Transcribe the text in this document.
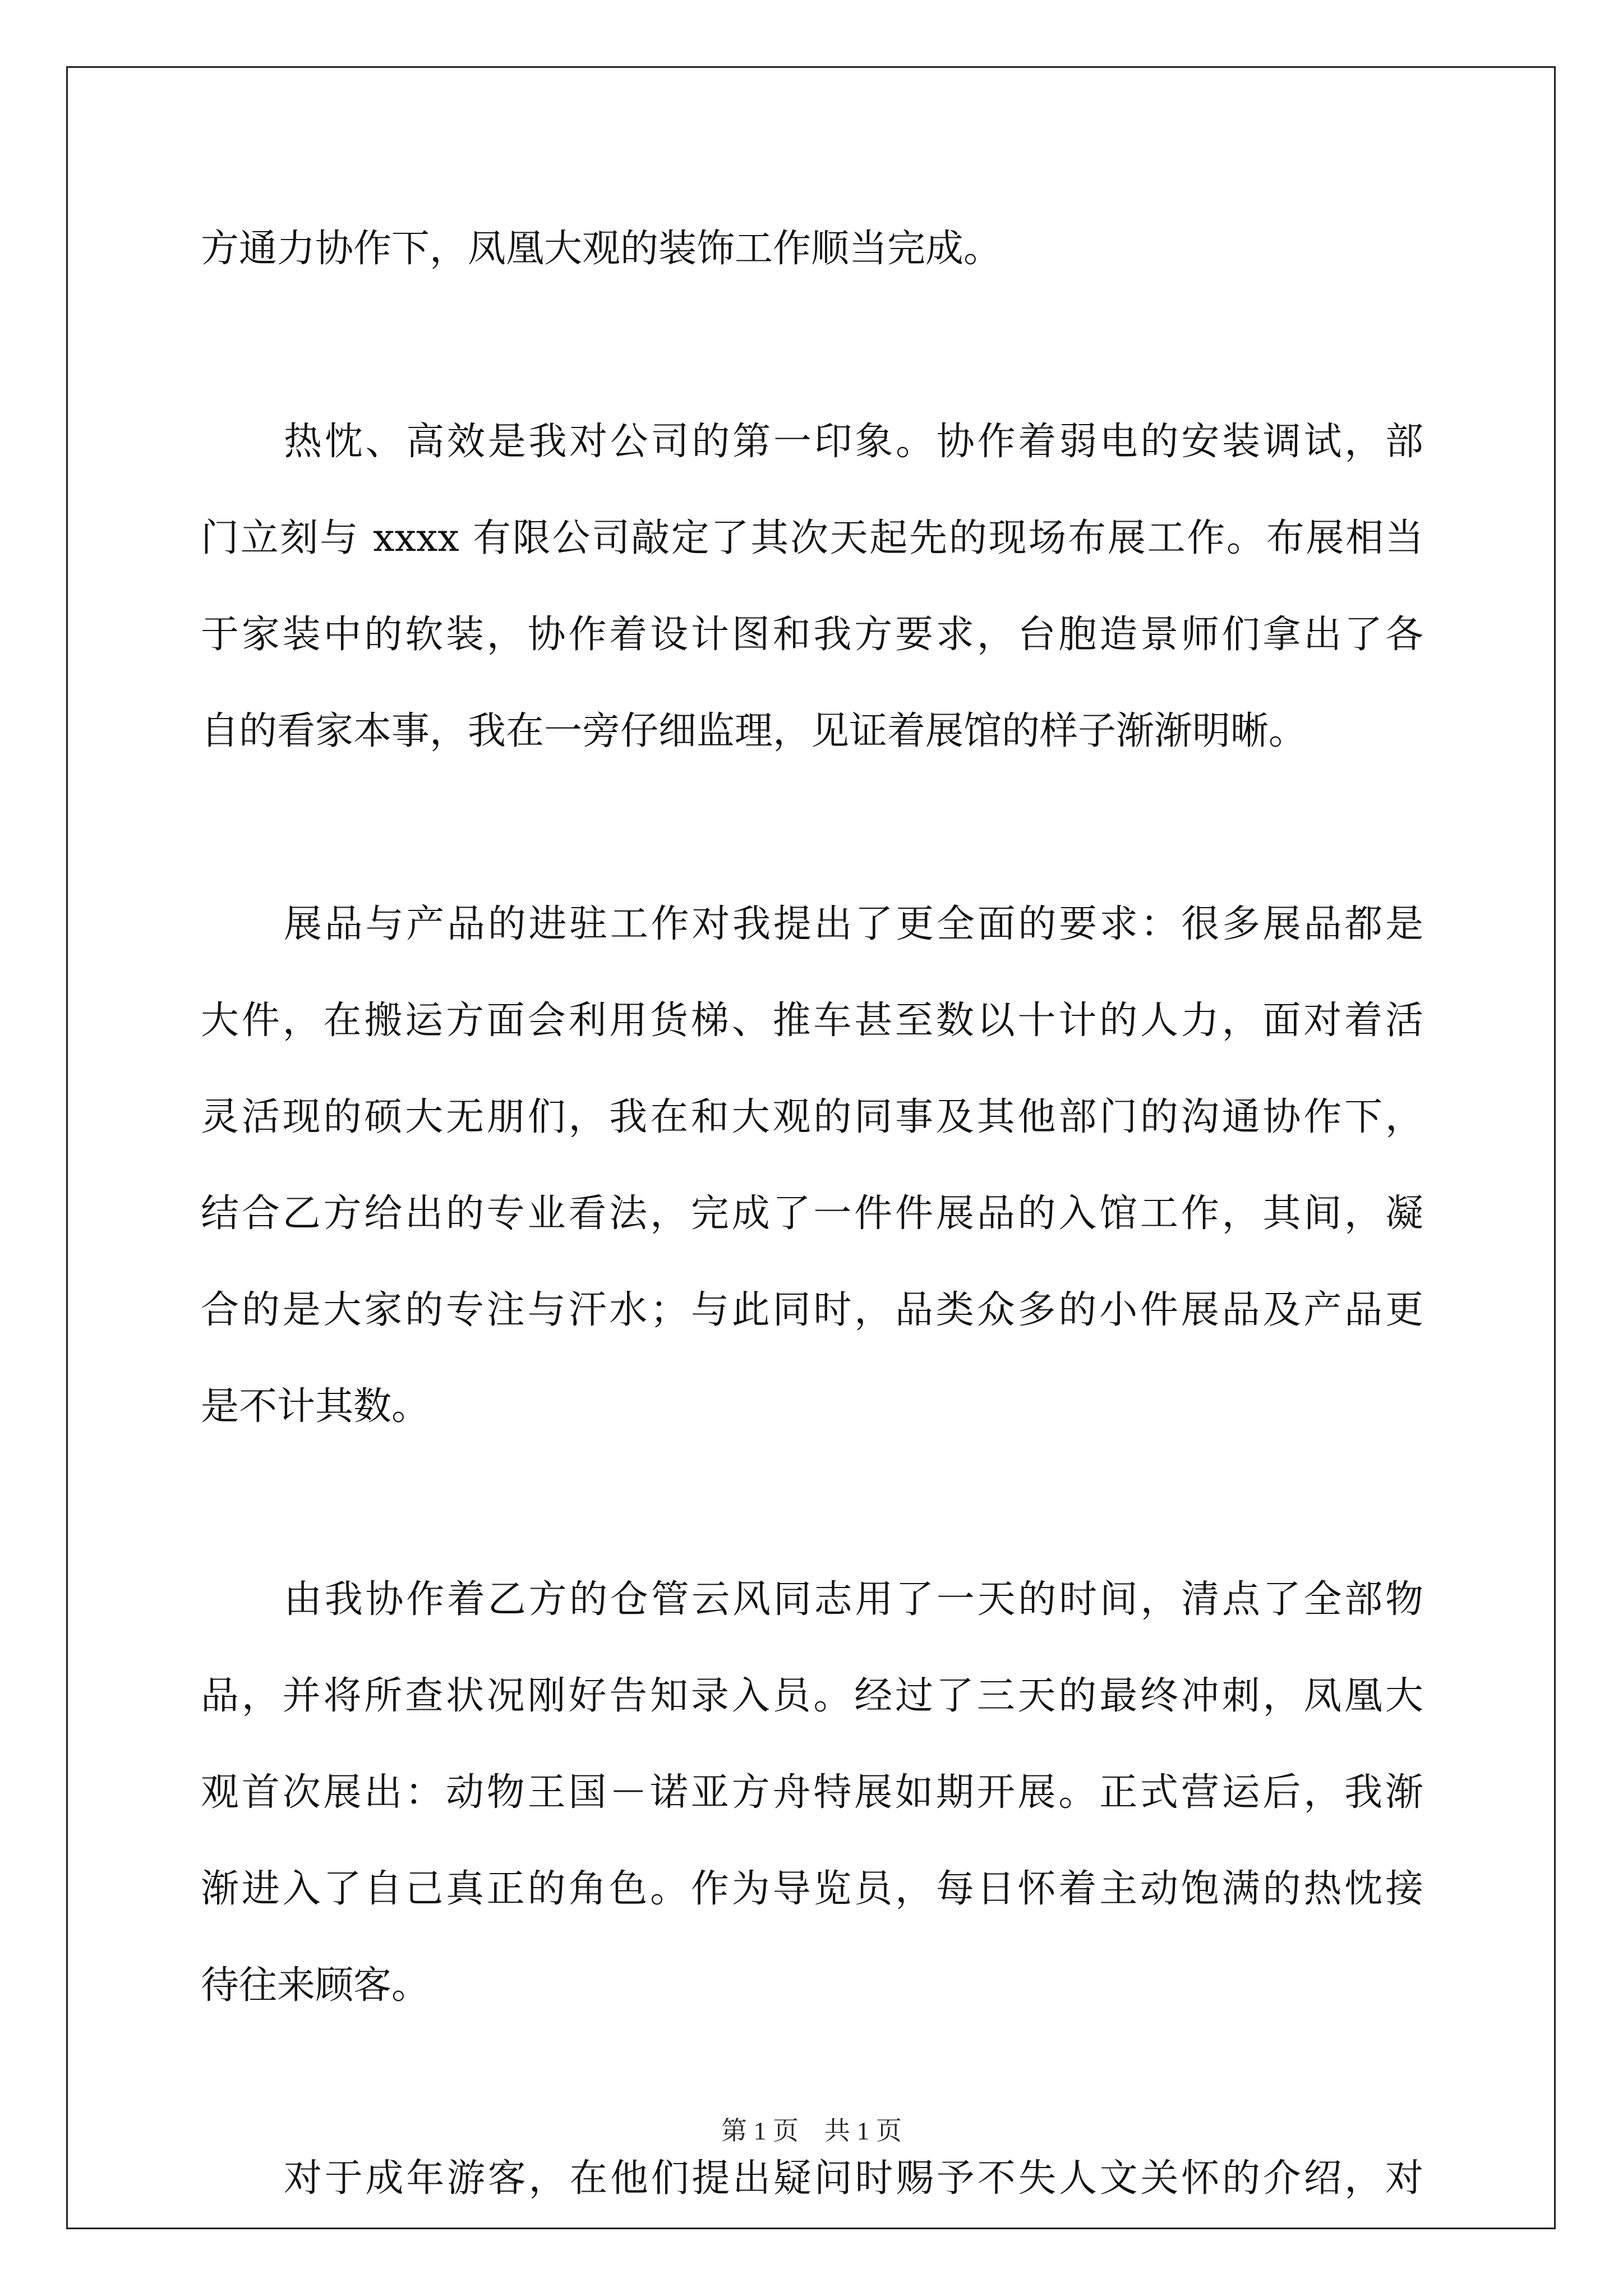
方通力协作下，凤凰大观的装饰工作顺当完成。
热忱、高效是我对公司的第一印象。协作着弱电的安装调试，部
门立刻与 xxxx 有限公司敲定了其次天起先的现场布展工作。布展相当
于家装中的软装，协作着设计图和我方要求，台胞造景师们拿出了各
自的看家本事，我在一旁仔细监理，见证着展馆的样子渐渐明晰。
展品与产品的进驻工作对我提出了更全面的要求：很多展品都是
大件，在搬运方面会利用货梯、推车甚至数以十计的人力，面对着活
灵活现的硕大无朋们，我在和大观的同事及其他部门的沟通协作下，
结合乙方给出的专业看法，完成了一件件展品的入馆工作，其间，凝
合的是大家的专注与汗水；与此同时，品类众多的小件展品及产品更
是不计其数。
由我协作着乙方的仓管云风同志用了一天的时间，清点了全部物
品，并将所查状况刚好告知录入员。经过了三天的最终冲刺，凤凰大
观首次展出：动物王国－诺亚方舟特展如期开展。正式营运后，我渐
渐进入了自己真正的角色。作为导览员，每日怀着主动饱满的热忱接
待往来顾客。
对于成年游客，在他们提出疑问时赐予不失人文关怀的介绍，对
第 1 页　共 1 页
